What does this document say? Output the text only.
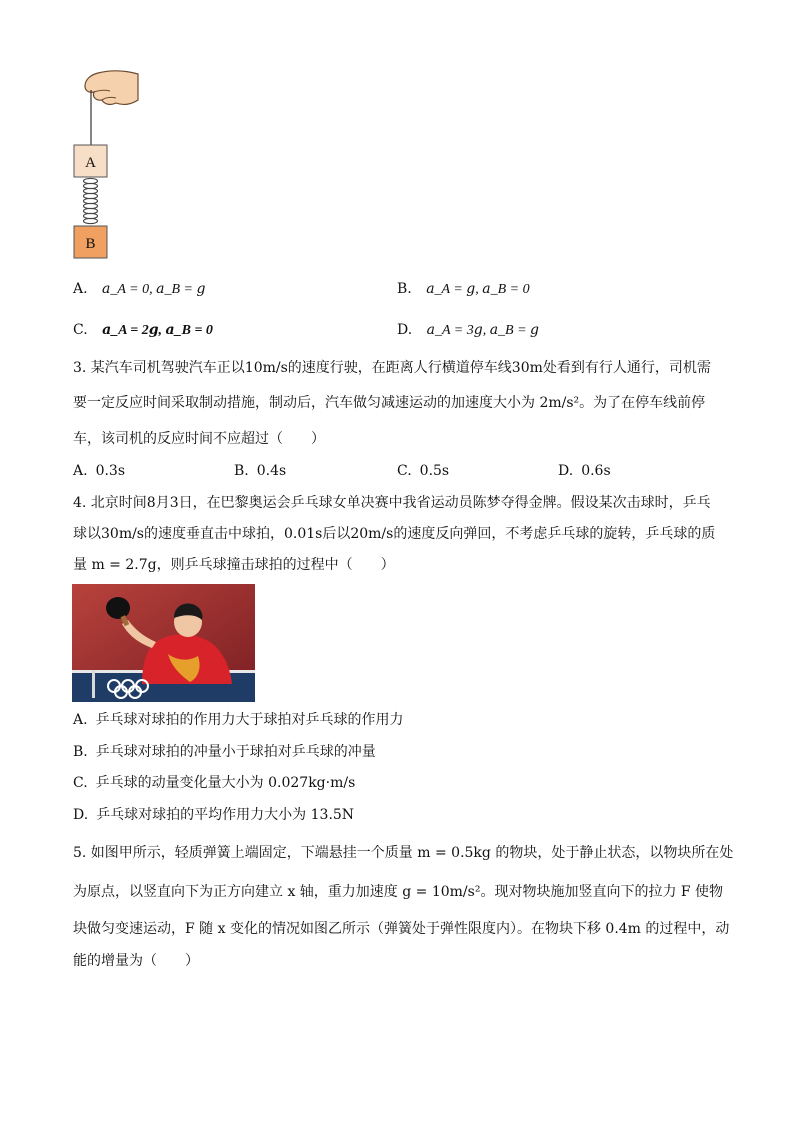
A
B
A. 𝑎_A = 0, 𝑎_B = 𝑔	B. 𝑎_A = 𝑔, 𝑎_B = 0
C. 𝒂_A = 2𝒈, 𝒂_B = 0	D. 𝑎_A = 3𝑔, 𝑎_B = 𝑔
3. 某汽车司机驾驶汽车正以10m/s的速度行驶，在距离人行横道停车线30m处看到有行人通行，司机需
要一定反应时间采取制动措施，制动后，汽车做匀减速运动的加速度大小为 2m/s²。为了在停车线前停
车，该司机的反应时间不应超过（　　）
A. 0.3s	B. 0.4s	C. 0.5s	D. 0.6s
4. 北京时间8月3日，在巴黎奥运会乒乓球女单决赛中我省运动员陈梦夺得金牌。假设某次击球时，乒乓
球以30m/s的速度垂直击中球拍，0.01s后以20m/s的速度反向弹回，不考虑乒乓球的旋转，乒乓球的质
量 m = 2.7g，则乒乓球撞击球拍的过程中（　　）
A. 乒乓球对球拍的作用力大于球拍对乒乓球的作用力
B. 乒乓球对球拍的冲量小于球拍对乒乓球的冲量
C. 乒乓球的动量变化量大小为 0.027kg·m/s
D. 乒乓球对球拍的平均作用力大小为 13.5N
5. 如图甲所示，轻质弹簧上端固定，下端悬挂一个质量 m = 0.5kg 的物块，处于静止状态，以物块所在处
为原点，以竖直向下为正方向建立 x 轴，重力加速度 g = 10m/s²。现对物块施加竖直向下的拉力 F 使物
块做匀变速运动，F 随 x 变化的情况如图乙所示（弹簧处于弹性限度内）。在物块下移 0.4m 的过程中，动
能的增量为（　　）
